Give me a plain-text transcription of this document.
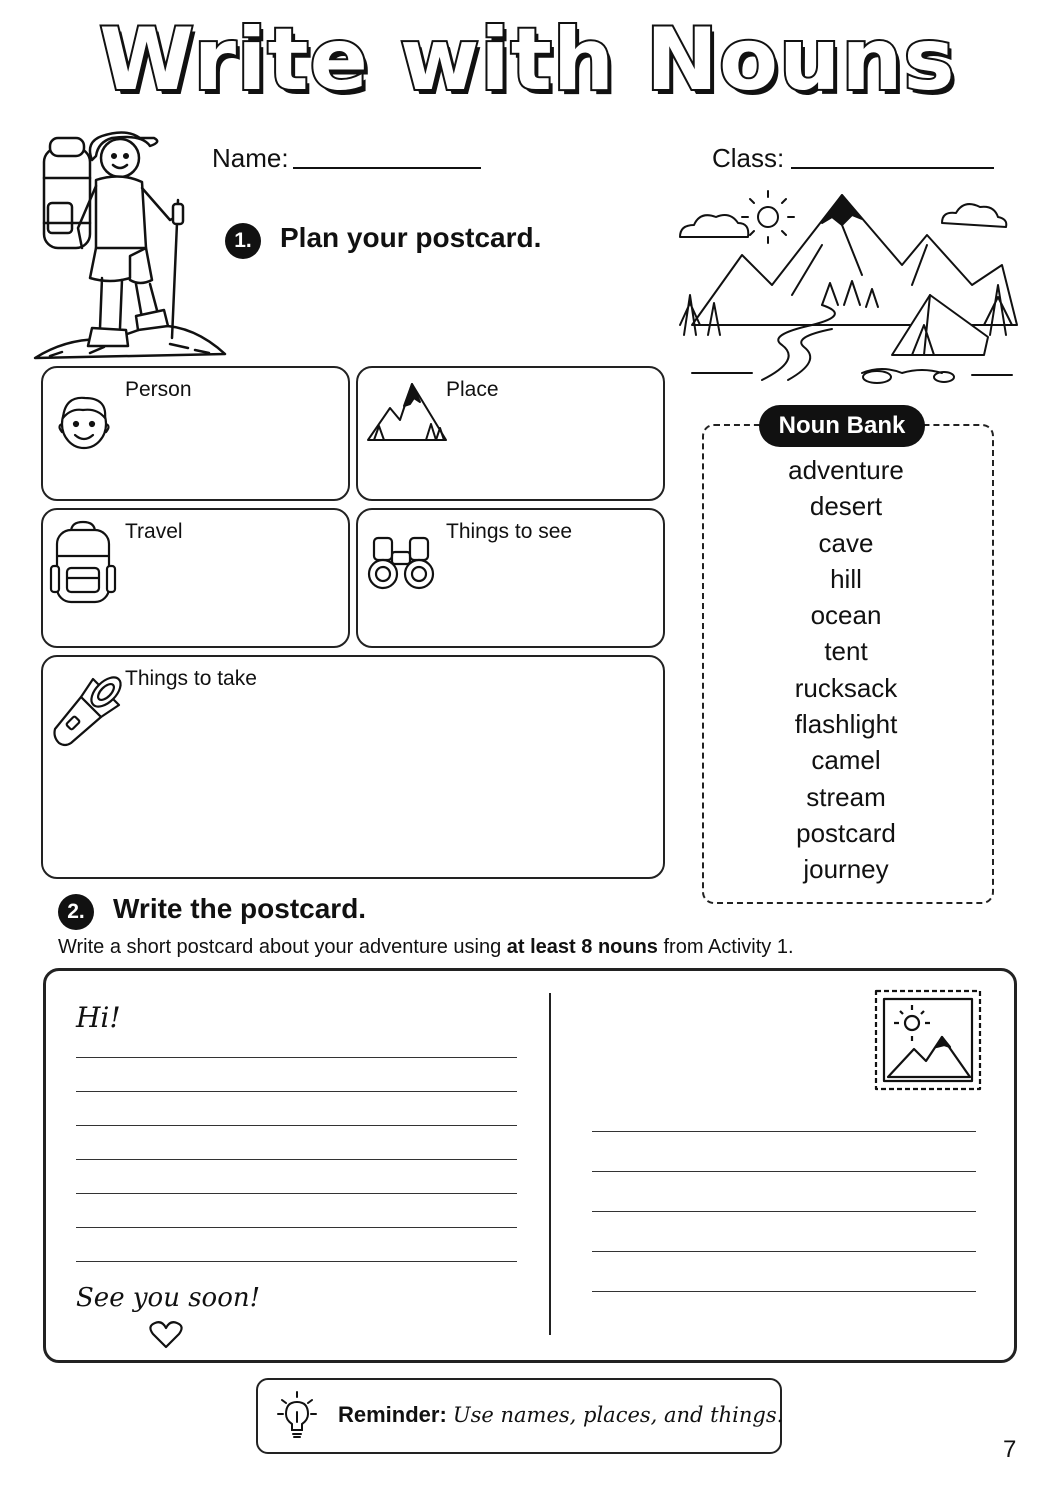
Write with Nouns
Name:	Class:
1.	Plan your postcard.
Person	Place
Travel	Things to see
Things to take
Noun Bank
adventure
desert
cave
hill
ocean
tent
rucksack
flashlight
camel
stream
postcard
journey
2.	Write the postcard.
Write a short postcard about your adventure using at least 8 nouns from Activity 1.
Hi!
See you soon!
Reminder: Use names, places, and things.
7
